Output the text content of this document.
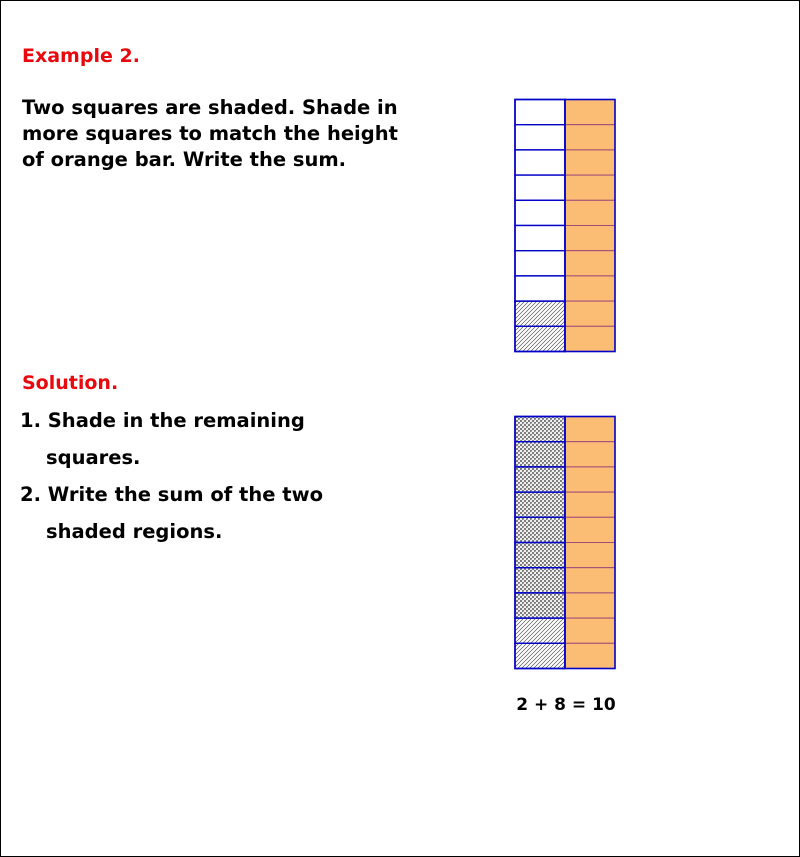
Example 2.

Two squares are shaded. Shade in
more squares to match the height
of orange bar. Write the sum.

Solution.
1. Shade in the remaining
squares.
2. Write the sum of the two
shaded regions.

2 + 8 = 10
